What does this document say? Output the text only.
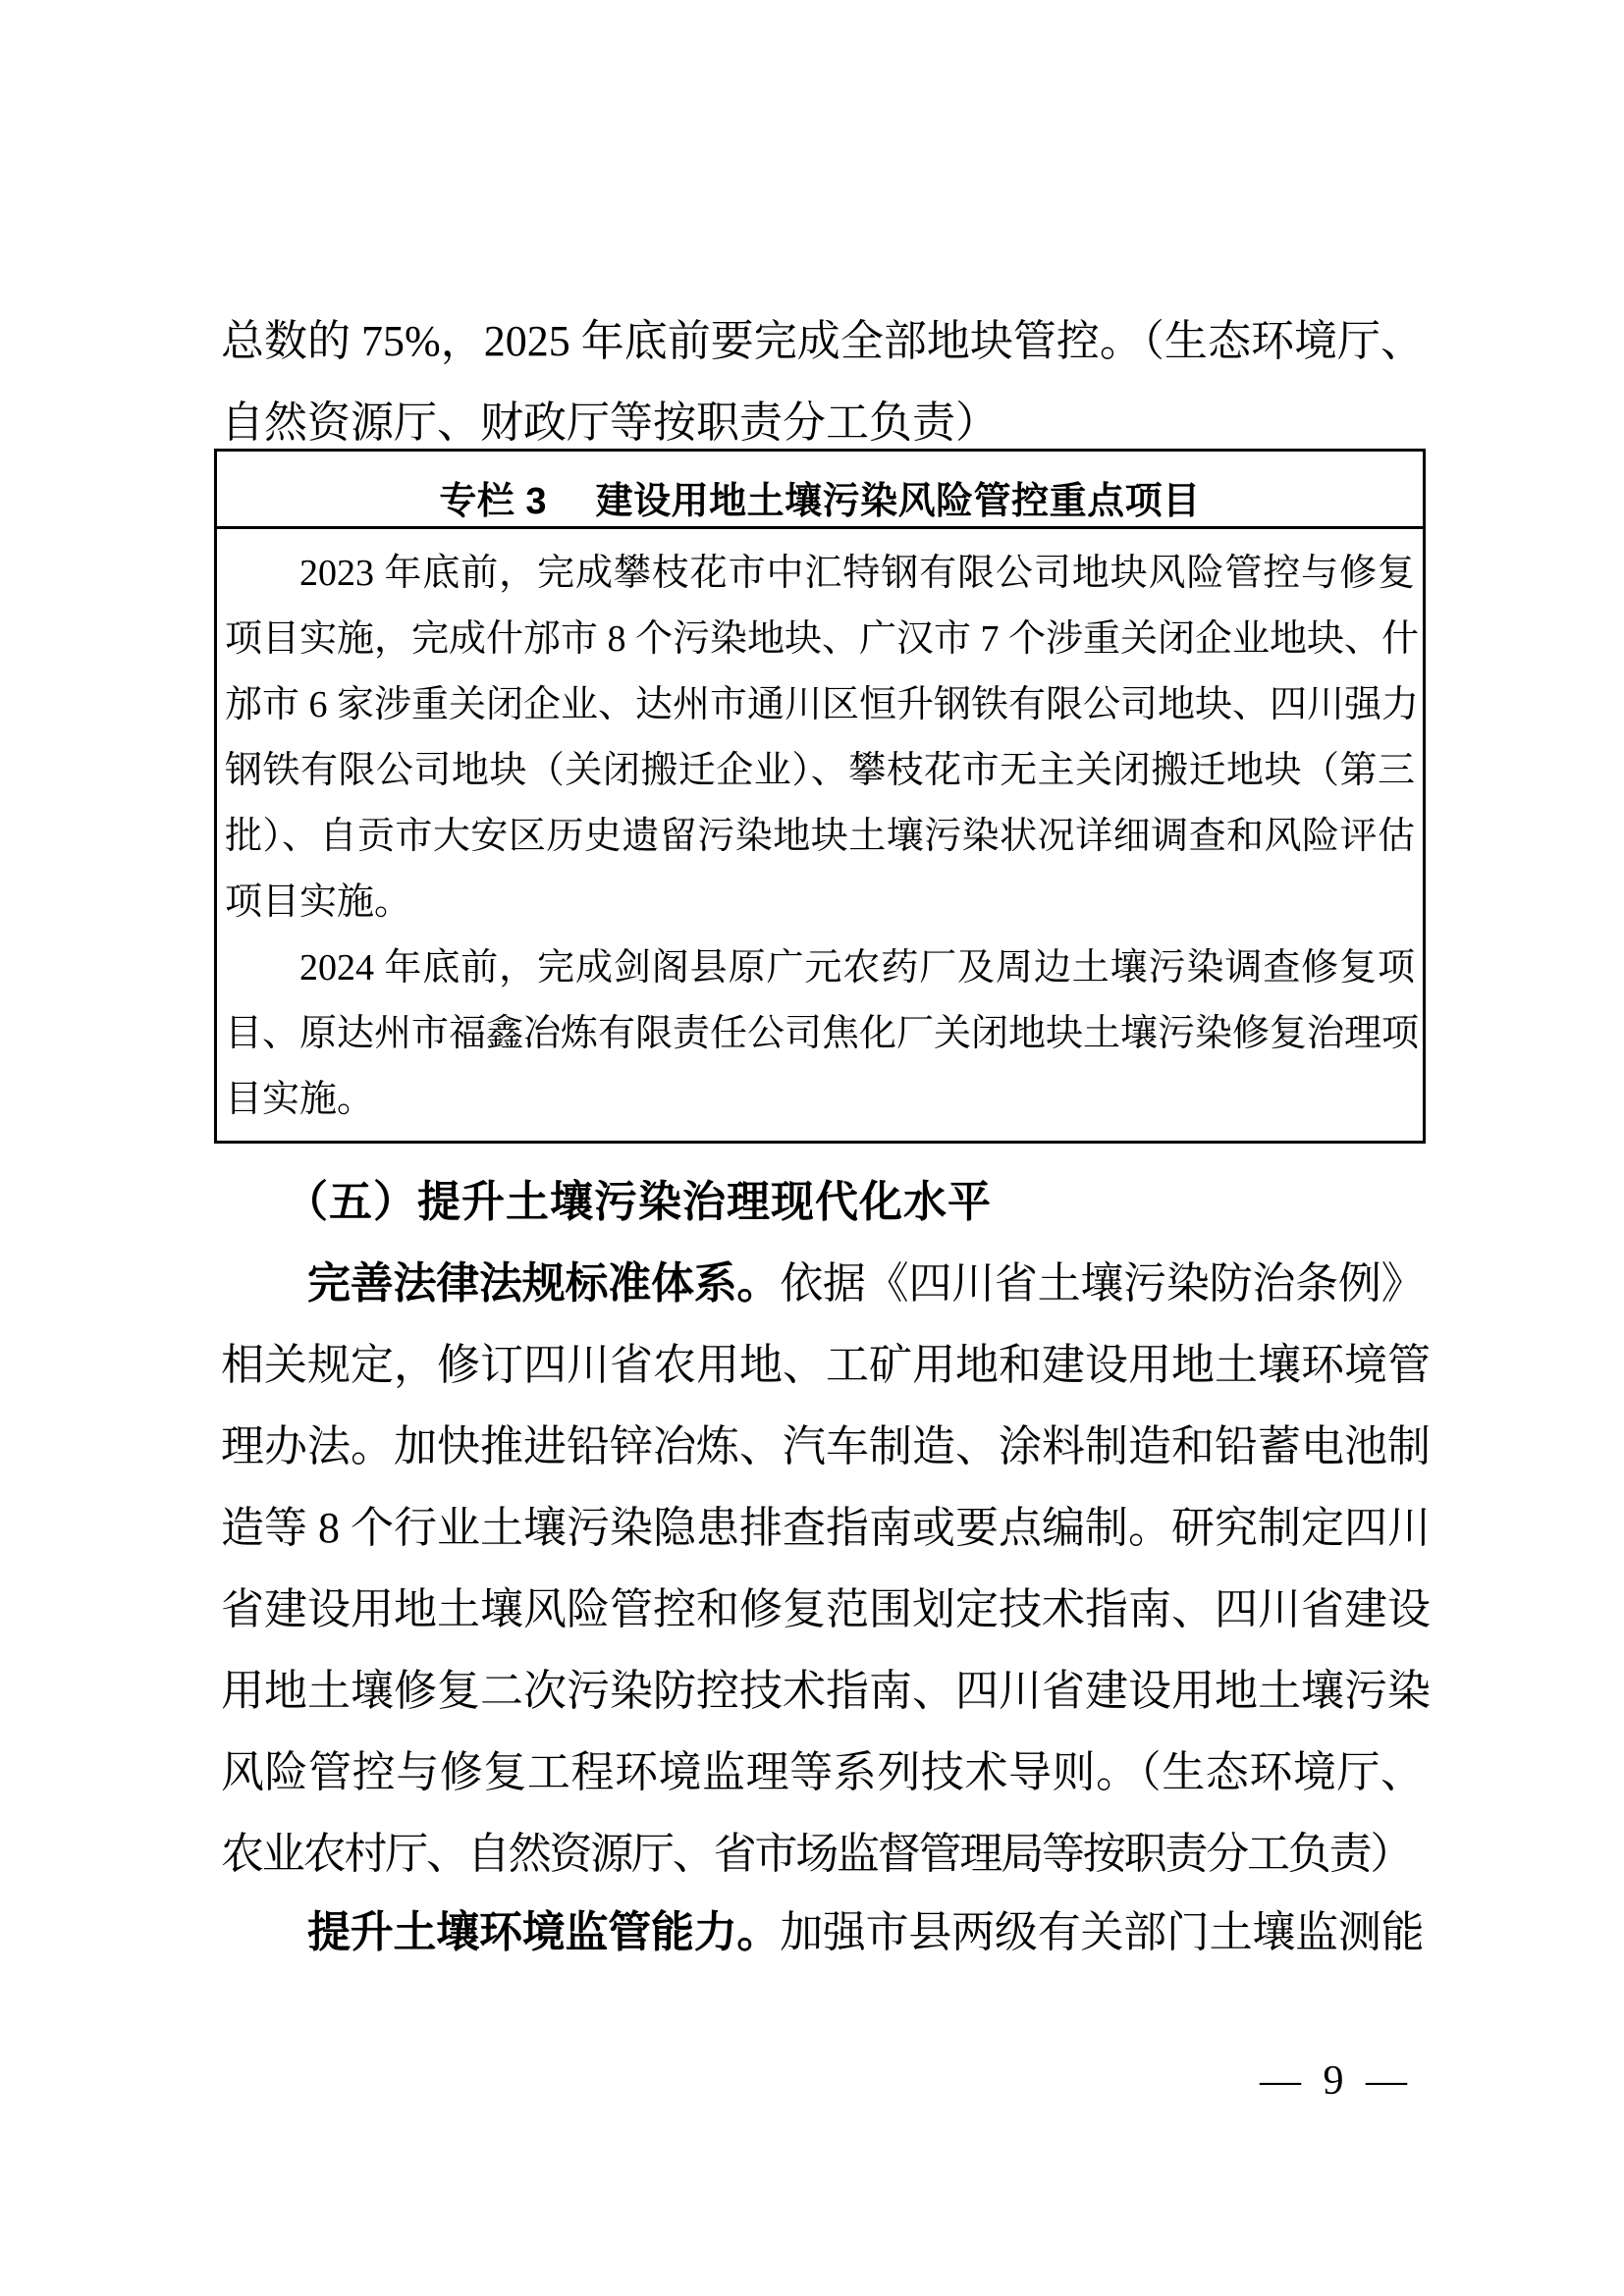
总数的 75%，2025 年底前要完成全部地块管控。（生态环境厅、
自然资源厅、财政厅等按职责分工负责）
专栏 3　 建设用地土壤污染风险管控重点项目
2023 年底前，完成攀枝花市中汇特钢有限公司地块风险管控与修复
项目实施，完成什邡市 8 个污染地块、广汉市 7 个涉重关闭企业地块、什
邡市 6 家涉重关闭企业、达州市通川区恒升钢铁有限公司地块、四川强力
钢铁有限公司地块（关闭搬迁企业）、攀枝花市无主关闭搬迁地块（第三
批）、自贡市大安区历史遗留污染地块土壤污染状况详细调查和风险评估
项目实施。
2024 年底前，完成剑阁县原广元农药厂及周边土壤污染调查修复项
目、原达州市福鑫冶炼有限责任公司焦化厂关闭地块土壤污染修复治理项
目实施。
（五）提升土壤污染治理现代化水平
完善法律法规标准体系。依据《四川省土壤污染防治条例》
相关规定，修订四川省农用地、工矿用地和建设用地土壤环境管
理办法。加快推进铅锌冶炼、汽车制造、涂料制造和铅蓄电池制
造等 8 个行业土壤污染隐患排查指南或要点编制。研究制定四川
省建设用地土壤风险管控和修复范围划定技术指南、四川省建设
用地土壤修复二次污染防控技术指南、四川省建设用地土壤污染
风险管控与修复工程环境监理等系列技术导则。（生态环境厅、
农业农村厅、自然资源厅、省市场监督管理局等按职责分工负责）
提升土壤环境监管能力。加强市县两级有关部门土壤监测能
— 9 —
